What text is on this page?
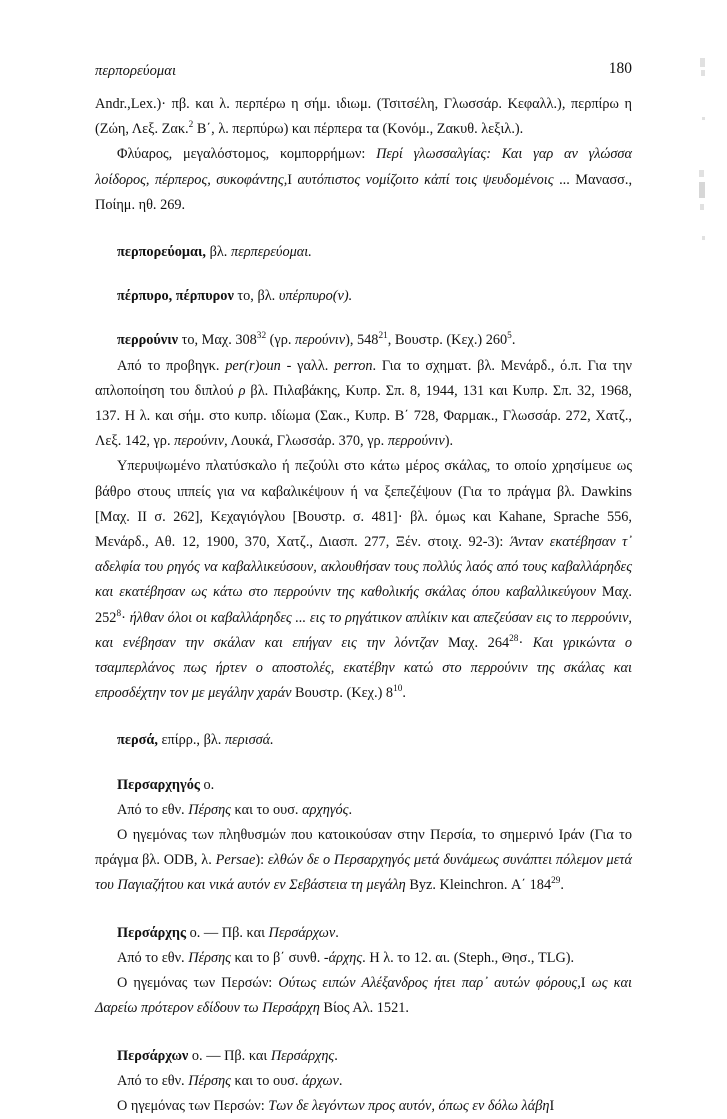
περπορεύομαι	180

Andr.,Lex.)· πβ. και λ. περπέρω η σήμ. ιδιωμ. (Τσιτσέλη, Γλωσσάρ. Κεφαλλ.), περπίρω η (Ζώη, Λεξ. Ζακ.$^2$ Β΄, λ. περπύρω) και πέρπερα τα (Κονόμ., Ζακυθ. λεξιλ.).

Φλύαρος, μεγαλόστομος, κομπορρήμων: Περί γλωσσαλγίας: Και γαρ αν γλώσσα λοίδορος, πέρπερος, συκοφάντης,Ι αυτόπιστος νομίζοιτο κἀπί τοις ψευδομένοις ... Μανασσ., Ποίημ. ηθ. 269.

περπορεύομαι, βλ. περπερεύομαι.

πέρπυρο, πέρπυρον το, βλ. υπέρπυρο(ν).

περρούνιν το, Μαχ. $308^{32}$ (γρ. περούνιν), $548^{21}$, Βουστρ. (Κεχ.) $260^5$.

Από το προβηγκ. per(r)oun - γαλλ. perron. Για το σχηματ. βλ. Μενάρδ., ό.π. Για την απλοποίηση του διπλού ρ βλ. Πιλαβάκης, Κυπρ. Σπ. 8, 1944, 131 και Κυπρ. Σπ. 32, 1968, 137. Η λ. και σήμ. στο κυπρ. ιδίωμα (Σακ., Κυπρ. Β΄ 728, Φαρμακ., Γλωσσάρ. 272, Χατζ., Λεξ. 142, γρ. περούνιν, Λουκά, Γλωσσάρ. 370, γρ. περρούνιν).

Υπερυψωμένο πλατύσκαλο ή πεζούλι στο κάτω μέρος σκάλας, το οποίο χρησίμευε ως βάθρο στους ιππείς για να καβαλικέψουν ή να ξεπεζέψουν (Για το πράγμα βλ. Dawkins [Μαχ. ΙΙ σ. 262], Κεχαγιόγλου [Βουστρ. σ. 481]· βλ. όμως και Kahane, Sprache 556, Μενάρδ., Αθ. 12, 1900, 370, Χατζ., Διασπ. 277, Ξέν. στοιχ. 92-3): Άνταν εκατέβησαν τ᾽ αδελφία του ρηγός να καβαλλικεύσουν, ακλουθήσαν τους πολλύς λαός από τους καβαλλάρηδες και εκατέβησαν ως κάτω στο περρούνιν της καθολικής σκάλας όπου καβαλλικεύγουν Μαχ. $252^8\cdot ή\lambda\theta\alpha\nu$ όλοι οι καβαλλάρηδες ... εις το ρηγάτικον απλίκιν και απεζεύσαν εις το περρούνιν, και ενέβησαν την σκάλαν και επήγαν εις την λόντζαν Μαχ. $264^{28}\cdot K\alpha\iota$ γρικώντα ο τσαμπερλάνος πως ήρτεν ο αποστολές, εκατέβην κατώ στο περρούνιν της σκάλας και επροσδέχτην τον με μεγάλην χαράν Βουστρ. (Κεχ.) $8^{10}$.

περσά, επίρρ., βλ. περισσά.

Περσαρχηγός ο.

Από το εθν. Πέρσης και το ουσ. αρχηγός.

Ο ηγεμόνας των πληθυσμών που κατοικούσαν στην Περσία, το σημερινό Ιράν (Για το πράγμα βλ. ODB, λ. Persae): ελθών δε ο Περσαρχηγός μετά δυνάμεως συνάπτει πόλεμον μετά του Παγιαζήτου και νικά αυτόν εν Σεβάστεια τη μεγάλη Byz. Kleinchron. Α΄ $184^{29}$.

Περσάρχης ο. — Πβ. και Περσάρχων.

Από το εθν. Πέρσης και το β΄ συνθ. -άρχης. Η λ. το 12. αι. (Steph., Θησ., TLG).

Ο ηγεμόνας των Περσών: Ούτως ειπών Αλέξανδρος ήτει παρ᾽ αυτών φόρους,Ι ως και Δαρείω πρότερον εδίδουν τω Περσάρχη Βίος Αλ. 1521.

Περσάρχων ο. — Πβ. και Περσάρχης.

Από το εθν. Πέρσης και το ουσ. άρχων.

Ο ηγεμόνας των Περσών: Των δε λεγόντων προς αυτόν, όπως εν δόλω λάβηΙ
